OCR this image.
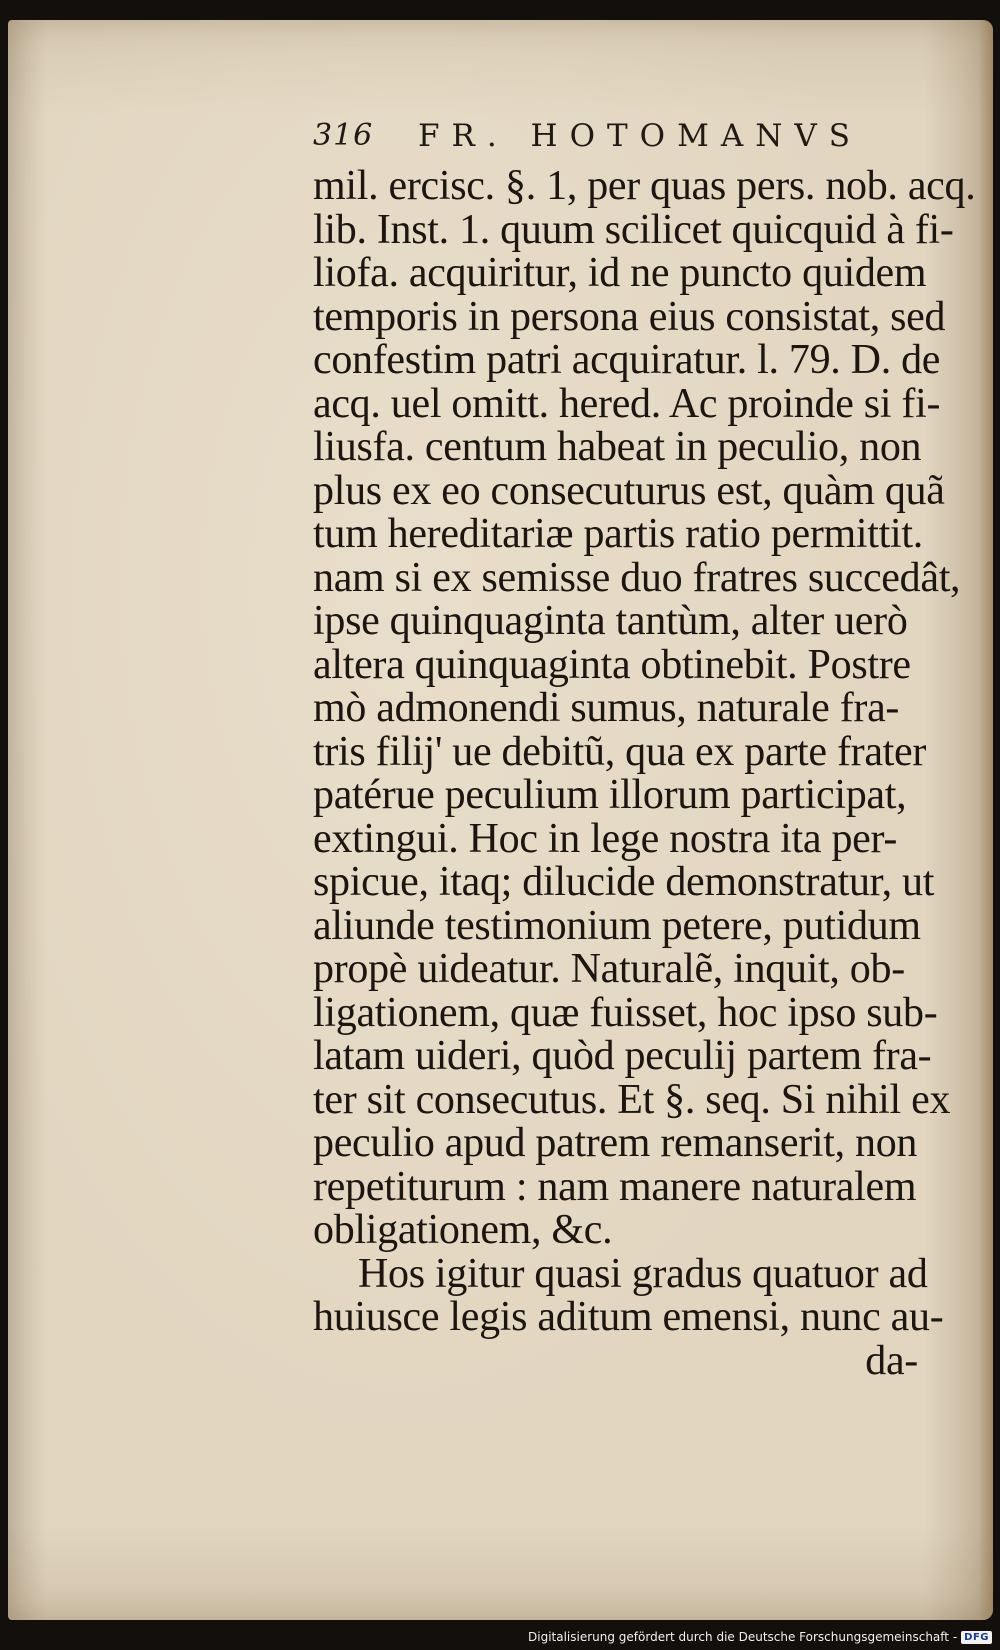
316 FR. HOTOMANVS
mil. ercisc. §. 1, per quas pers. nob. acq.
lib. Inst. 1. quum scilicet quicquid à fi-
liofa. acquiritur, id ne puncto quidem
temporis in persona eius consistat, sed
confestim patri acquiratur. l. 79. D. de
acq. uel omitt. hered. Ac proinde si fi-
liusfa. centum habeat in peculio, non
plus ex eo consecuturus est, quàm quã
tum hereditariæ partis ratio permittit.
nam si ex semisse duo fratres succedât,
ipse quinquaginta tantùm, alter uerò
altera quinquaginta obtinebit. Postre
mò admonendi sumus, naturale fra-
tris filij' ue debitũ, qua ex parte frater
patérue peculium illorum participat,
extingui. Hoc in lege nostra ita per-
spicue, itaq; dilucide demonstratur, ut
aliunde testimonium petere, putidum
propè uideatur. Naturalẽ, inquit, ob-
ligationem, quæ fuisset, hoc ipso sub-
latam uideri, quòd peculij partem fra-
ter sit consecutus. Et §. seq. Si nihil ex
peculio apud patrem remanserit, non
repetiturum : nam manere naturalem
obligationem, &c.
Hos igitur quasi gradus quatuor ad
huiusce legis aditum emensi, nunc au-
da-
Digitalisierung gefördert durch die Deutsche Forschungsgemeinschaft - DFG
